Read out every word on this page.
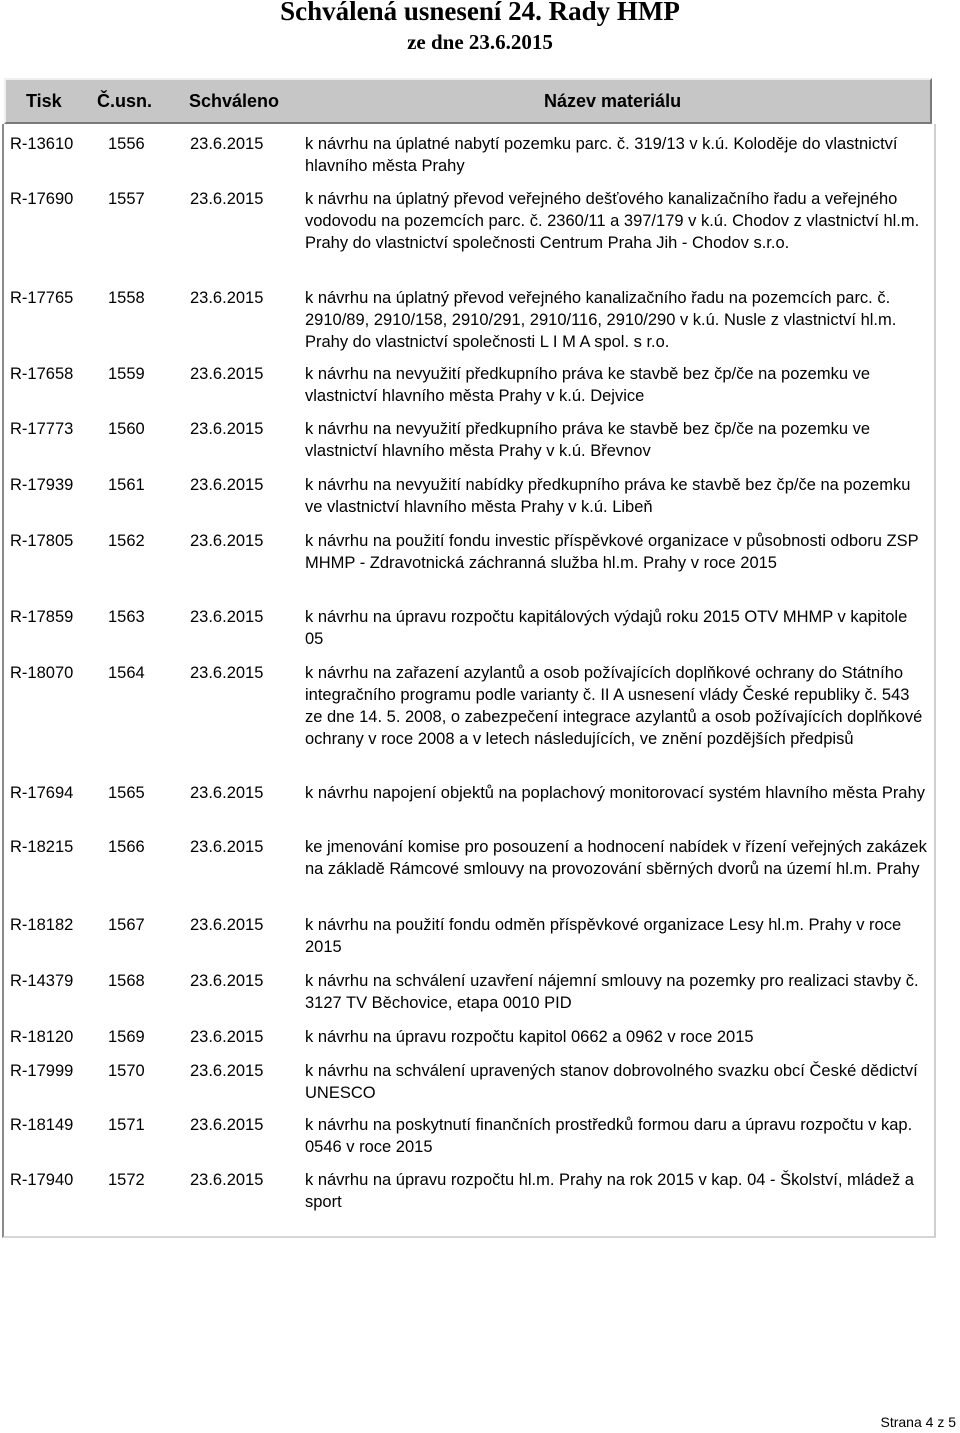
Schválená usnesení 24. Rady HMP
ze dne 23.6.2015
Tisk Č.usn. Schváleno	Název materiálu
R-13610 1556	23.6.2015	k návrhu na úplatné nabytí pozemku parc. č. 319/13 v k.ú. Koloděje do vlastnictví hlavního města Prahy
R-17690 1557	23.6.2015	k návrhu na úplatný převod veřejného dešťového kanalizačního řadu a veřejného vodovodu na pozemcích parc. č. 2360/11 a 397/179 v k.ú. Chodov z vlastnictví hl.m. Prahy do vlastnictví společnosti Centrum Praha Jih - Chodov s.r.o.
R-17765 1558	23.6.2015	k návrhu na úplatný převod veřejného kanalizačního řadu na pozemcích parc. č. 2910/89, 2910/158, 2910/291, 2910/116, 2910/290 v k.ú. Nusle z vlastnictví hl.m. Prahy do vlastnictví společnosti L I M A spol. s r.o.
R-17658 1559	23.6.2015	k návrhu na nevyužití předkupního práva ke stavbě bez čp/če na pozemku ve vlastnictví hlavního města Prahy v k.ú. Dejvice
R-17773 1560	23.6.2015	k návrhu na nevyužití předkupního práva ke stavbě bez čp/če na pozemku ve vlastnictví hlavního města Prahy v k.ú. Břevnov
R-17939 1561	23.6.2015	k návrhu na nevyužití nabídky předkupního práva ke stavbě bez čp/če na pozemku ve vlastnictví hlavního města Prahy v k.ú. Libeň
R-17805 1562	23.6.2015	k návrhu na použití fondu investic příspěvkové organizace v působnosti odboru ZSP MHMP - Zdravotnická záchranná služba hl.m. Prahy v roce 2015
R-17859 1563	23.6.2015	k návrhu na úpravu rozpočtu kapitálových výdajů roku 2015 OTV MHMP v kapitole 05
R-18070 1564	23.6.2015	k návrhu na zařazení azylantů a osob požívajících doplňkové ochrany do Státního integračního programu podle varianty č. II A usnesení vlády České republiky č. 543 ze dne 14. 5. 2008, o zabezpečení integrace azylantů a osob požívajících doplňkové ochrany v roce 2008 a v letech následujících, ve znění pozdějších předpisů
R-17694 1565	23.6.2015	k návrhu napojení objektů na poplachový monitorovací systém hlavního města Prahy
R-18215 1566	23.6.2015	ke jmenování komise pro posouzení a hodnocení nabídek v řízení veřejných zakázek na základě Rámcové smlouvy na provozování sběrných dvorů na území hl.m. Prahy
R-18182 1567	23.6.2015	k návrhu na použití fondu odměn příspěvkové organizace Lesy hl.m. Prahy v roce 2015
R-14379 1568	23.6.2015	k návrhu na schválení uzavření nájemní smlouvy na pozemky pro realizaci stavby č. 3127 TV Běchovice, etapa 0010 PID
R-18120 1569	23.6.2015	k návrhu na úpravu rozpočtu kapitol 0662 a 0962 v roce 2015
R-17999 1570	23.6.2015	k návrhu na schválení upravených stanov dobrovolného svazku obcí České dědictví UNESCO
R-18149 1571	23.6.2015	k návrhu na poskytnutí finančních prostředků formou daru a úpravu rozpočtu v kap. 0546 v roce 2015
R-17940 1572	23.6.2015	k návrhu na úpravu rozpočtu hl.m. Prahy na rok 2015 v kap. 04 - Školství, mládež a sport
Strana 4 z 5
